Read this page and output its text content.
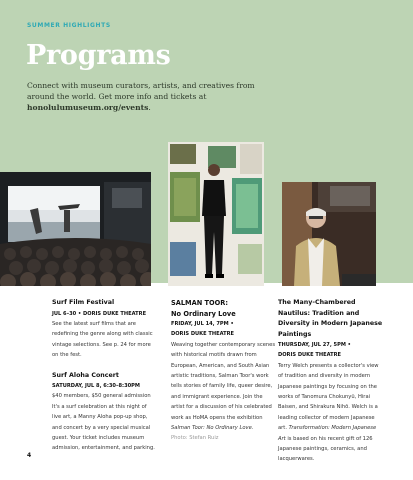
SUMMER HIGHLIGHTS
Programs
Connect with museum curators, artists, and creatives from around the world. Get more info and tickets at honolulumuseum.org/events.

Surf Film Festival

JUL 6–30 • DORIS DUKE THEATRE

See the latest surf films that are redefining the genre along with classic vintage selections. See p. 24 for more on the fest.

Surf Aloha Concert

SATURDAY, JUL 8, 6:30–8:30PM

$40 members, $50 general admission It's a surf celebration at this night of live art, a Manny Aloha pop-up shop, and concert by a very special musical guest. Your ticket includes museum admission, entertainment, and parking.

SALMAN TOOR:

No Ordinary Love

FRIDAY, JUL 14, 7PM •

DORIS DUKE THEATRE

Weaving together contemporary scenes with historical motifs drawn from European, American, and South Asian artistic traditions, Salman Toor's work tells stories of family life, queer desire, and immigrant experience. Join the artist for a discussion of his celebrated work as HoMA opens the exhibition Salman Toor: No Ordinary Love.

Photo: Stefan Ruiz

The Many-Chambered Nautilus: Tradition and Diversity in Modern Japanese Paintings

THURSDAY, JUL 27, 5PM •

DORIS DUKE THEATRE

Terry Welch presents a collector's view of tradition and diversity in modern Japanese paintings by focusing on the works of Tanomura Chokunyū, Hirai Baisen, and Shirakura Nihō. Welch is a leading collector of modern Japanese art. Transformation: Modern Japanese Art is based on his recent gift of 126 Japanese paintings, ceramics, and lacquerwares.

4
